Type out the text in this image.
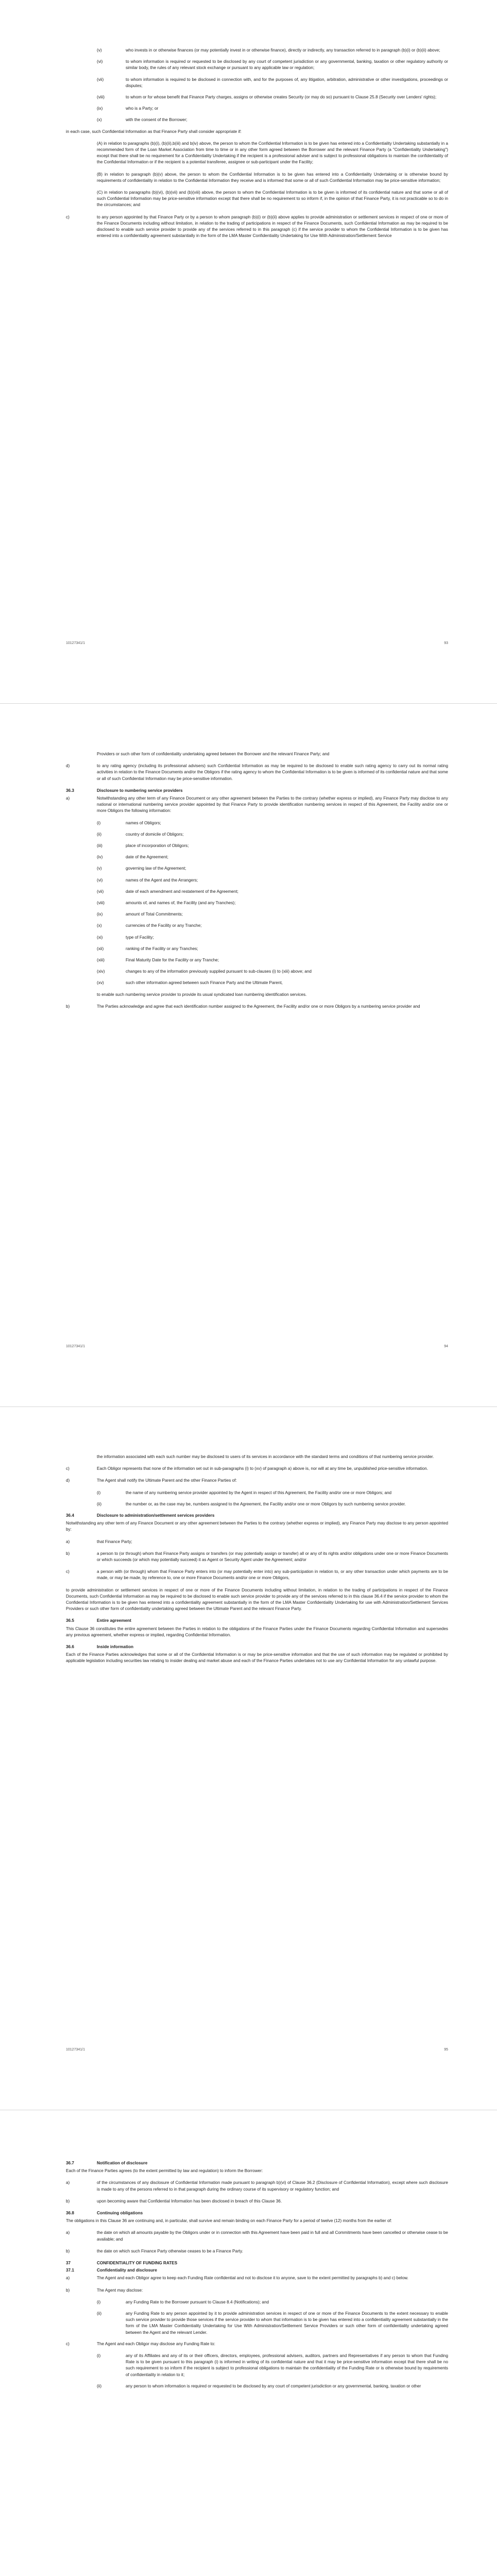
(v)	who invests in or otherwise finances (or may potentially invest in or otherwise finance), directly or indirectly, any transaction referred to in paragraph (b)(i) or (b)(ii) above;
(vi)	to whom information is required or requested to be disclosed by any court of competent jurisdiction or any governmental, banking, taxation or other regulatory authority or similar body, the rules of any relevant stock exchange or pursuant to any applicable law or regulation;
(vii)	to whom information is required to be disclosed in connection with, and for the purposes of, any litigation, arbitration, administrative or other investigations, proceedings or disputes;
(viii)	to whom or for whose benefit that Finance Party charges, assigns or otherwise creates Security (or may do so) pursuant to Clause 25.8 (Security over Lenders' rights);
(ix)	who is a Party; or
(x)	with the consent of the Borrower;

in each case, such Confidential Information as that Finance Party shall consider appropriate if:

(A) in relation to paragraphs (b)(i), (b)(ii),b(iii) and b(iv) above, the person to whom the Confidential Information is to be given has entered into a Confidentiality Undertaking substantially in a recommended form of the Loan Market Association from time to time or in any other form agreed between the Borrower and the relevant Finance Party (a "Confidentiality Undertaking") except that there shall be no requirement for a Confidentiality Undertaking if the recipient is a professional adviser and is subject to professional obligations to maintain the confidentiality of the Confidential Information or if the recipient is a potential transferee, assignee or sub-participant under the Facility;

(B) in relation to paragraph (b)(v) above, the person to whom the Confidential Information is to be given has entered into a Confidentiality Undertaking or is otherwise bound by requirements of confidentiality in relation to the Confidential Information they receive and is informed that some or all of such Confidential Information may be price-sensitive information;

(C) in relation to paragraphs (b)(vi), (b)(vii) and (b)(viii) above, the person to whom the Confidential Information is to be given is informed of its confidential nature and that some or all of such Confidential Information may be price-sensitive information except that there shall be no requirement to so inform if, in the opinion of that Finance Party, it is not practicable so to do in the circumstances; and

c)	to any person appointed by that Finance Party or by a person to whom paragraph (b)(i) or (b)(ii) above applies to provide administration or settlement services in respect of one or more of the Finance Documents including without limitation, in relation to the trading of participations in respect of the Finance Documents, such Confidential Information as may be required to be disclosed to enable such service provider to provide any of the services referred to in this paragraph (c) if the service provider to whom the Confidential Information is to be given has entered into a confidentiality agreement substantially in the form of the LMA Master Confidentiality Undertaking for Use With Administration/Settlement Service
10127341/1	93

Providers or such other form of confidentiality undertaking agreed between the Borrower and the relevant Finance Party; and

d)	to any rating agency (including its professional advisers) such Confidential Information as may be required to be disclosed to enable such rating agency to carry out its normal rating activities in relation to the Finance Documents and/or the Obligors if the rating agency to whom the Confidential Information is to be given is informed of its confidential nature and that some or all of such Confidential Information may be price-sensitive information.
36.3	Disclosure to numbering service providers
a)	Notwithstanding any other term of any Finance Document or any other agreement between the Parties to the contrary (whether express or implied), any Finance Party may disclose to any national or international numbering service provider appointed by that Finance Party to provide identification numbering services in respect of this Agreement, the Facility and/or one or more Obligors the following information:
(i)	names of Obligors;
(ii)	country of domicile of Obligors;
(iii)	place of incorporation of Obligors;
(iv)	date of the Agreement;
(v)	governing law of the Agreement;
(vi)	names of the Agent and the Arrangers;
(vii)	date of each amendment and restatement of the Agreement;
(viii)	amounts of, and names of, the Facility (and any Tranches);
(ix)	amount of Total Commitments;
(x)	currencies of the Facility or any Tranche;
(xi)	type of Facility;
(xii)	ranking of the Facility or any Tranches;
(xiii)	Final Maturity Date for the Facility or any Tranche;
(xiv)	changes to any of the information previously supplied pursuant to sub-clauses (i) to (xiii) above; and
(xv)	such other information agreed between such Finance Party and the Ultimate Parent,

to enable such numbering service provider to provide its usual syndicated loan numbering identification services.

b)	The Parties acknowledge and agree that each identification number assigned to the Agreement, the Facility and/or one or more Obligors by a numbering service provider and
10127341/1	94

the information associated with each such number may be disclosed to users of its services in accordance with the standard terms and conditions of that numbering service provider.

c)	Each Obligor represents that none of the information set out in sub-paragraphs (i) to (xv) of paragraph a) above is, nor will at any time be, unpublished price-sensitive information.
d)	The Agent shall notify the Ultimate Parent and the other Finance Parties of:
(i)	the name of any numbering service provider appointed by the Agent in respect of this Agreement, the Facility and/or one or more Obligors; and
(ii)	the number or, as the case may be, numbers assigned to the Agreement, the Facility and/or one or more Obligors by such numbering service provider.
36.4	Disclosure to administration/settlement services providers

Notwithstanding any other term of any Finance Document or any other agreement between the Parties to the contrary (whether express or implied), any Finance Party may disclose to any person appointed by:

a)	that Finance Party;
b)	a person to (or through) whom that Finance Party assigns or transfers (or may potentially assign or transfer) all or any of its rights and/or obligations under one or more Finance Documents or which succeeds (or which may potentially succeed) it as Agent or Security Agent under the Agreement; and/or
c)	a person with (or through) whom that Finance Party enters into (or may potentially enter into) any sub-participation in relation to, or any other transaction under which payments are to be made, or may be made, by reference to, one or more Finance Documents and/or one or more Obligors,

to provide administration or settlement services in respect of one or more of the Finance Documents including without limitation, in relation to the trading of participations in respect of the Finance Documents, such Confidential Information as may be required to be disclosed to enable such service provider to provide any of the services referred to in this clause 36.4 if the service provider to whom the Confidential Information is to be given has entered into a confidentiality agreement substantially in the form of the LMA Master Confidentiality Undertaking for use with Administration/Settlement Services Providers or such other form of confidentiality undertaking agreed between the Ultimate Parent and the relevant Finance Party.

36.5	Entire agreement

This Clause 36 constitutes the entire agreement between the Parties in relation to the obligations of the Finance Parties under the Finance Documents regarding Confidential Information and supersedes any previous agreement, whether express or implied, regarding Confidential Information.

36.6	Inside information

Each of the Finance Parties acknowledges that some or all of the Confidential Information is or may be price-sensitive information and that the use of such information may be regulated or prohibited by applicable legislation including securities law relating to insider dealing and market abuse and each of the Finance Parties undertakes not to use any Confidential Information for any unlawful purpose.

10127341/1	95
36.7	Notification of disclosure

Each of the Finance Parties agrees (to the extent permitted by law and regulation) to inform the Borrower:

a)	of the circumstances of any disclosure of Confidential Information made pursuant to paragraph b)(vi) of Clause 36.2 (Disclosure of Confidential Information), except where such disclosure is made to any of the persons referred to in that paragraph during the ordinary course of its supervisory or regulatory function; and
b)	upon becoming aware that Confidential Information has been disclosed in breach of this Clause 36.
36.8	Continuing obligations

The obligations in this Clause 36 are continuing and, in particular, shall survive and remain binding on each Finance Party for a period of twelve (12) months from the earlier of:

a)	the date on which all amounts payable by the Obligors under or in connection with this Agreement have been paid in full and all Commitments have been cancelled or otherwise cease to be available; and
b)	the date on which such Finance Party otherwise ceases to be a Finance Party.
37	CONFIDENTIALITY OF FUNDING RATES
37.1	Confidentiality and disclosure
a)	The Agent and each Obligor agree to keep each Funding Rate confidential and not to disclose it to anyone, save to the extent permitted by paragraphs b) and c) below.
b)	The Agent may disclose:
(i)	any Funding Rate to the Borrower pursuant to Clause 8.4 (Notifications); and
(ii)	any Funding Rate to any person appointed by it to provide administration services in respect of one or more of the Finance Documents to the extent necessary to enable such service provider to provide those services if the service provider to whom that information is to be given has entered into a confidentiality agreement substantially in the form of the LMA Master Confidentiality Undertaking for Use With Administration/Settlement Service Providers or such other form of confidentiality undertaking agreed between the Agent and the relevant Lender.
c)	The Agent and each Obligor may disclose any Funding Rate to:
(i)	any of its Affiliates and any of its or their officers, directors, employees, professional advisers, auditors, partners and Representatives if any person to whom that Funding Rate is to be given pursuant to this paragraph (i) is informed in writing of its confidential nature and that it may be price-sensitive information except that there shall be no such requirement to so inform if the recipient is subject to professional obligations to maintain the confidentiality of the Funding Rate or is otherwise bound by requirements of confidentiality in relation to it;
(ii)	any person to whom information is required or requested to be disclosed by any court of competent jurisdiction or any governmental, banking, taxation or other
